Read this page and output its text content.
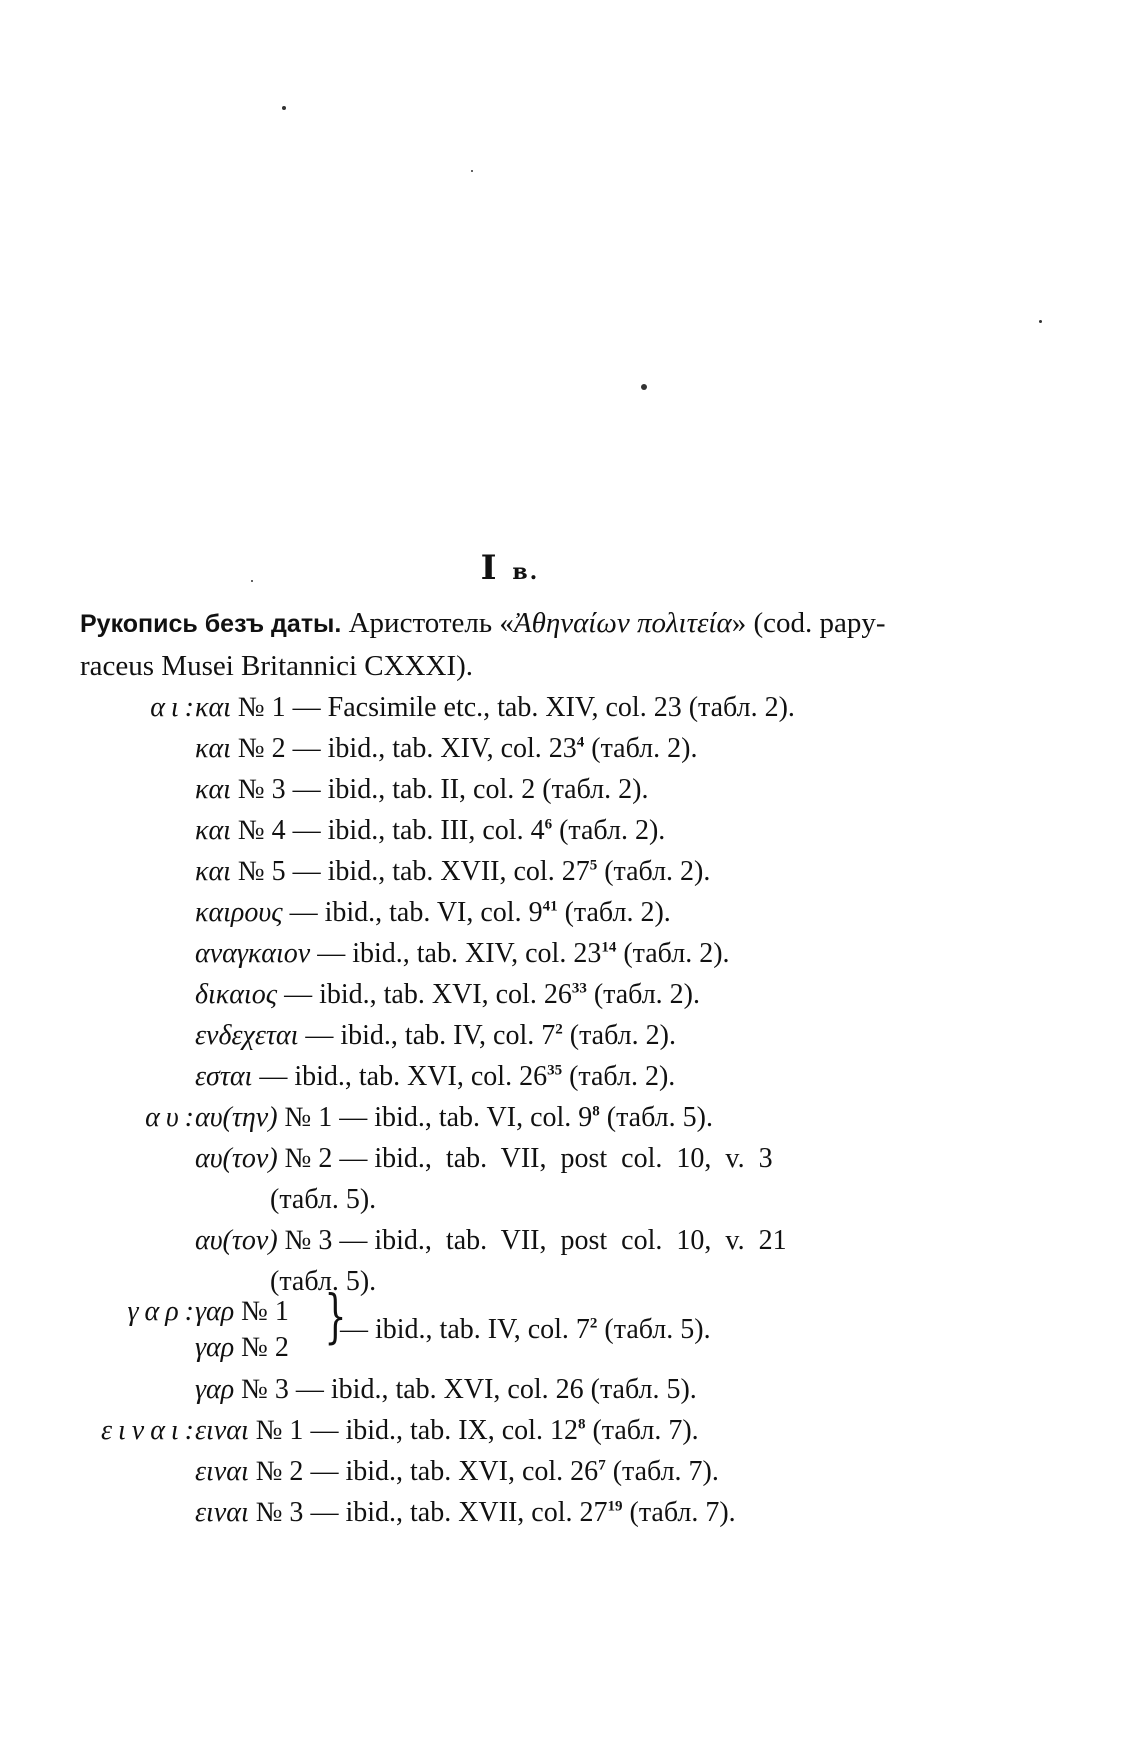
I в.
Рукопись безъ даты. Аристотель «Ἀθηναίων πολιτεία» (cod. papy-
raceus Musei Britannici CXXXI).
αι:
και № 1 — Facsimile etc., tab. XIV, col. 23 (табл. 2).
και № 2 — ibid., tab. XIV, col. $23^4$ (табл. 2).
και № 3 — ibid., tab. II, col. 2 (табл. 2).
και № 4 — ibid., tab. III, col. $4^6$ (табл. 2).
και № 5 — ibid., tab. XVII, col. $27^5$ (табл. 2).
καιρους — ibid., tab. VI, col. $9^{41}$ (табл. 2).
αναγκαιον — ibid., tab. XIV, col. $23^{14}$ (табл. 2).
δικαιος — ibid., tab. XVI, col. $26^{33}$ (табл. 2).
ενδεχεται — ibid., tab. IV, col. $7^2$ (табл. 2).
εσται — ibid., tab. XVI, col. $26^{35}$ (табл. 2).
αυ:
αυ(την) № 1 — ibid., tab. VI, col. $9^8$ (табл. 5).
αυ(τον) № 2 — ibid.,  tab.  VII,  post  col.  10,  v.  3
(табл. 5).
αυ(τον) № 3 — ibid.,  tab.  VII,  post  col.  10,  v.  21
(табл. 5).
γαρ:
γαρ № 1
γαρ № 2 }
— ibid., tab. IV, col. $7^2$ (табл. 5).
γαρ № 3 — ibid., tab. XVI, col. 26 (табл. 5).
ειναι:
ειναι № 1 — ibid., tab. IX, col. $12^8$ (табл. 7).
ειναι № 2 — ibid., tab. XVI, col. $26^7$ (табл. 7).
ειναι № 3 — ibid., tab. XVII, col. $27^{19}$ (табл. 7).
